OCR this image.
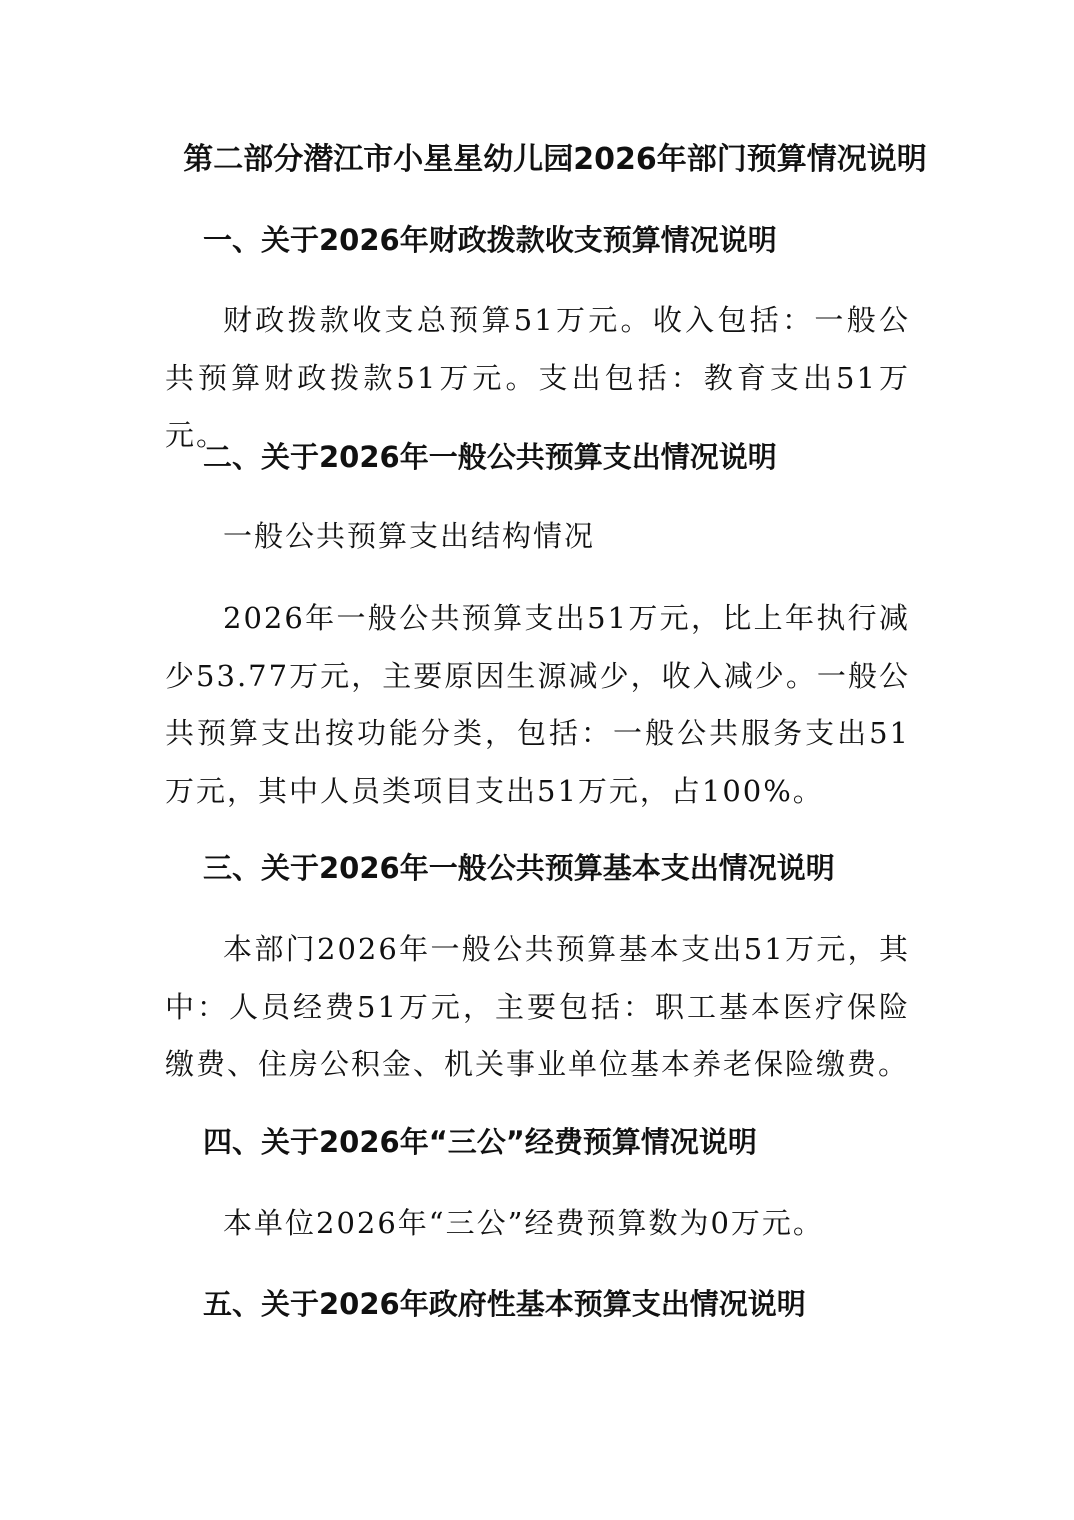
第二部分潜江市小星星幼儿园2026年部门预算情况说明
一、关于2026年财政拨款收支预算情况说明

财政拨款收支总预算51万元。收入包括：一般公共预算财政拨款51万元。支出包括：教育支出51万元。

二、关于2026年一般公共预算支出情况说明

一般公共预算支出结构情况

2026年一般公共预算支出51万元，比上年执行减少53.77万元，主要原因生源减少，收入减少。一般公共预算支出按功能分类，包括：一般公共服务支出51万元，其中人员类项目支出51万元，占100%。

三、关于2026年一般公共预算基本支出情况说明

本部门2026年一般公共预算基本支出51万元，其中：人员经费51万元，主要包括：职工基本医疗保险缴费、住房公积金、机关事业单位基本养老保险缴费。

四、关于2026年“三公”经费预算情况说明

本单位2026年“三公”经费预算数为0万元。

五、关于2026年政府性基本预算支出情况说明
